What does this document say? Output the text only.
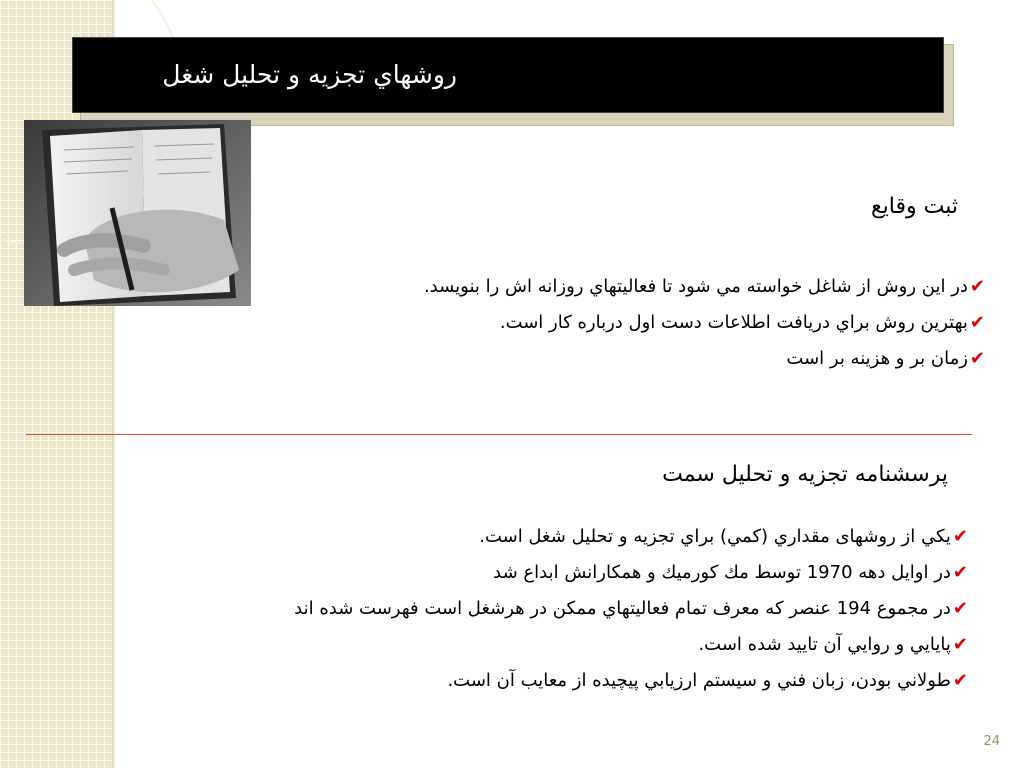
روشهاي تجزيه و تحليل شغل
ثبت وقايع
✔
در اين روش از شاغل خواسته مي شود تا فعاليتهاي روزانه اش را بنويسد.
✔
بهترين روش براي دريافت اطلاعات دست اول درباره كار است.
✔
زمان بر و هزينه بر است
پرسشنامه تجزيه و تحليل سمت
✔
يكي از روشهای مقداري (كمي) براي تجزيه و تحليل شغل است.
✔
در اوايل دهه 1970 توسط مك كورميك و همكارانش ابداع شد
✔
در مجموع 194 عنصر كه معرف تمام فعاليتهاي ممكن در هرشغل است فهرست شده اند
✔
پايايي و روايي آن تاييد شده است.
✔
طولاني بودن، زبان فني و سيستم ارزيابي پيچيده از معايب آن است.
24
